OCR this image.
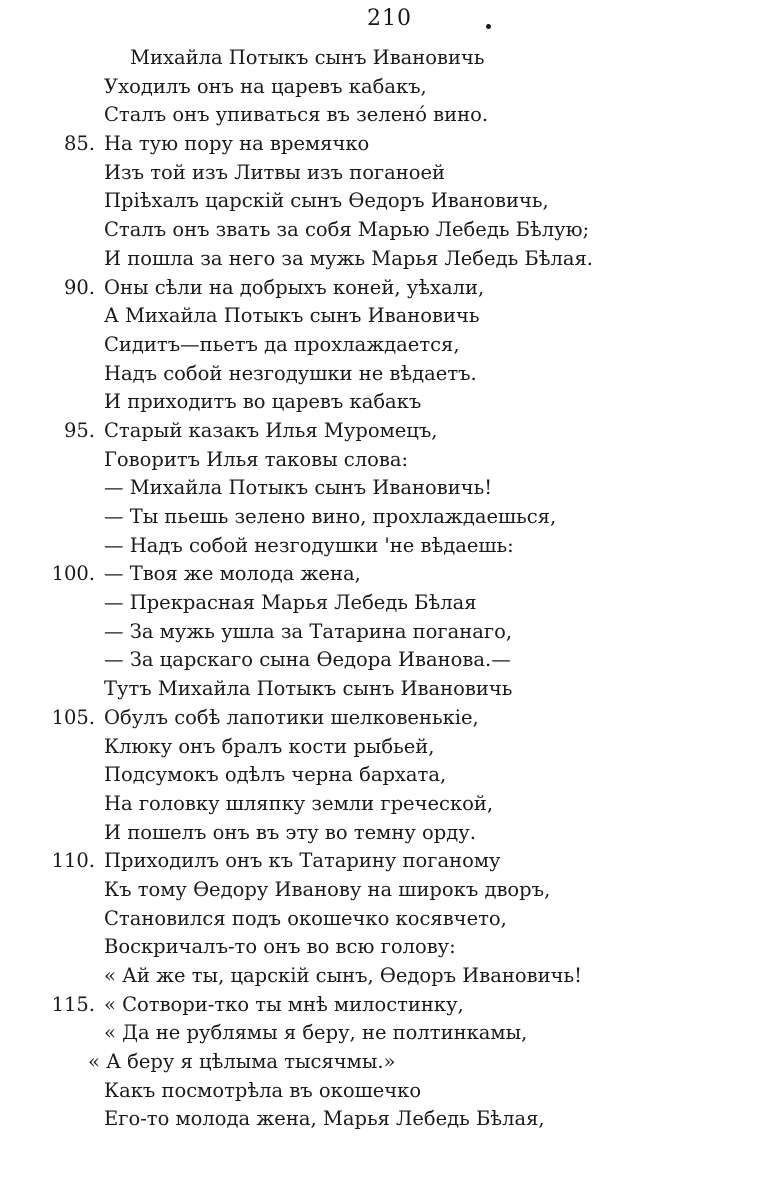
210
Михайла Потыкъ сынъ Ивановичь
Уходилъ онъ на царевъ кабакъ,
Сталъ онъ упиваться въ зеленó вино.
85. На тую пору на времячко
Изъ той изъ Литвы изъ поганоей
Пріѣхалъ царскій сынъ Ѳедоръ Ивановичь,
Сталъ онъ звать за собя Марью Лебедь Бѣлую;
И пошла за него за мужь Марья Лебедь Бѣлая.
90. Оны сѣли на добрыхъ коней, уѣхали,
А Михайла Потыкъ сынъ Ивановичь
Сидитъ—пьетъ да прохлаждается,
Надъ собой незгодушки не вѣдаетъ.
И приходитъ во царевъ кабакъ
95. Старый казакъ Илья Муромецъ,
Говоритъ Илья таковы слова:
— Михайла Потыкъ сынъ Ивановичь!
— Ты пьешь зелено вино, прохлаждаешься,
— Надъ собой незгодушки 'не вѣдаешь:
100. — Твоя же молода жена,
— Прекрасная Марья Лебедь Бѣлая
— За мужь ушла за Татарина поганаго,
— За царскаго сына Ѳедора Иванова.—
Тутъ Михайла Потыкъ сынъ Ивановичь
105. Обулъ собѣ лапотики шелковенькіе,
Клюку онъ бралъ кости рыбьей,
Подсумокъ одѣлъ черна бархата,
На головку шляпку земли греческой,
И пошелъ онъ въ эту во темну орду.
110. Приходилъ онъ къ Татарину поганому
Къ тому Ѳедору Иванову на широкъ дворъ,
Становился подъ окошечко косявчето,
Воскричалъ-то онъ во всю голову:
« Ай же ты, царскій сынъ, Ѳедоръ Ивановичь!
115. « Сотвори-тко ты мнѣ милостинку,
« Да не рублямы я беру, не полтинкамы,
« А беру я цѣлыма тысячмы.»
Какъ посмотрѣла въ окошечко
Его-то молода жена, Марья Лебедь Бѣлая,
